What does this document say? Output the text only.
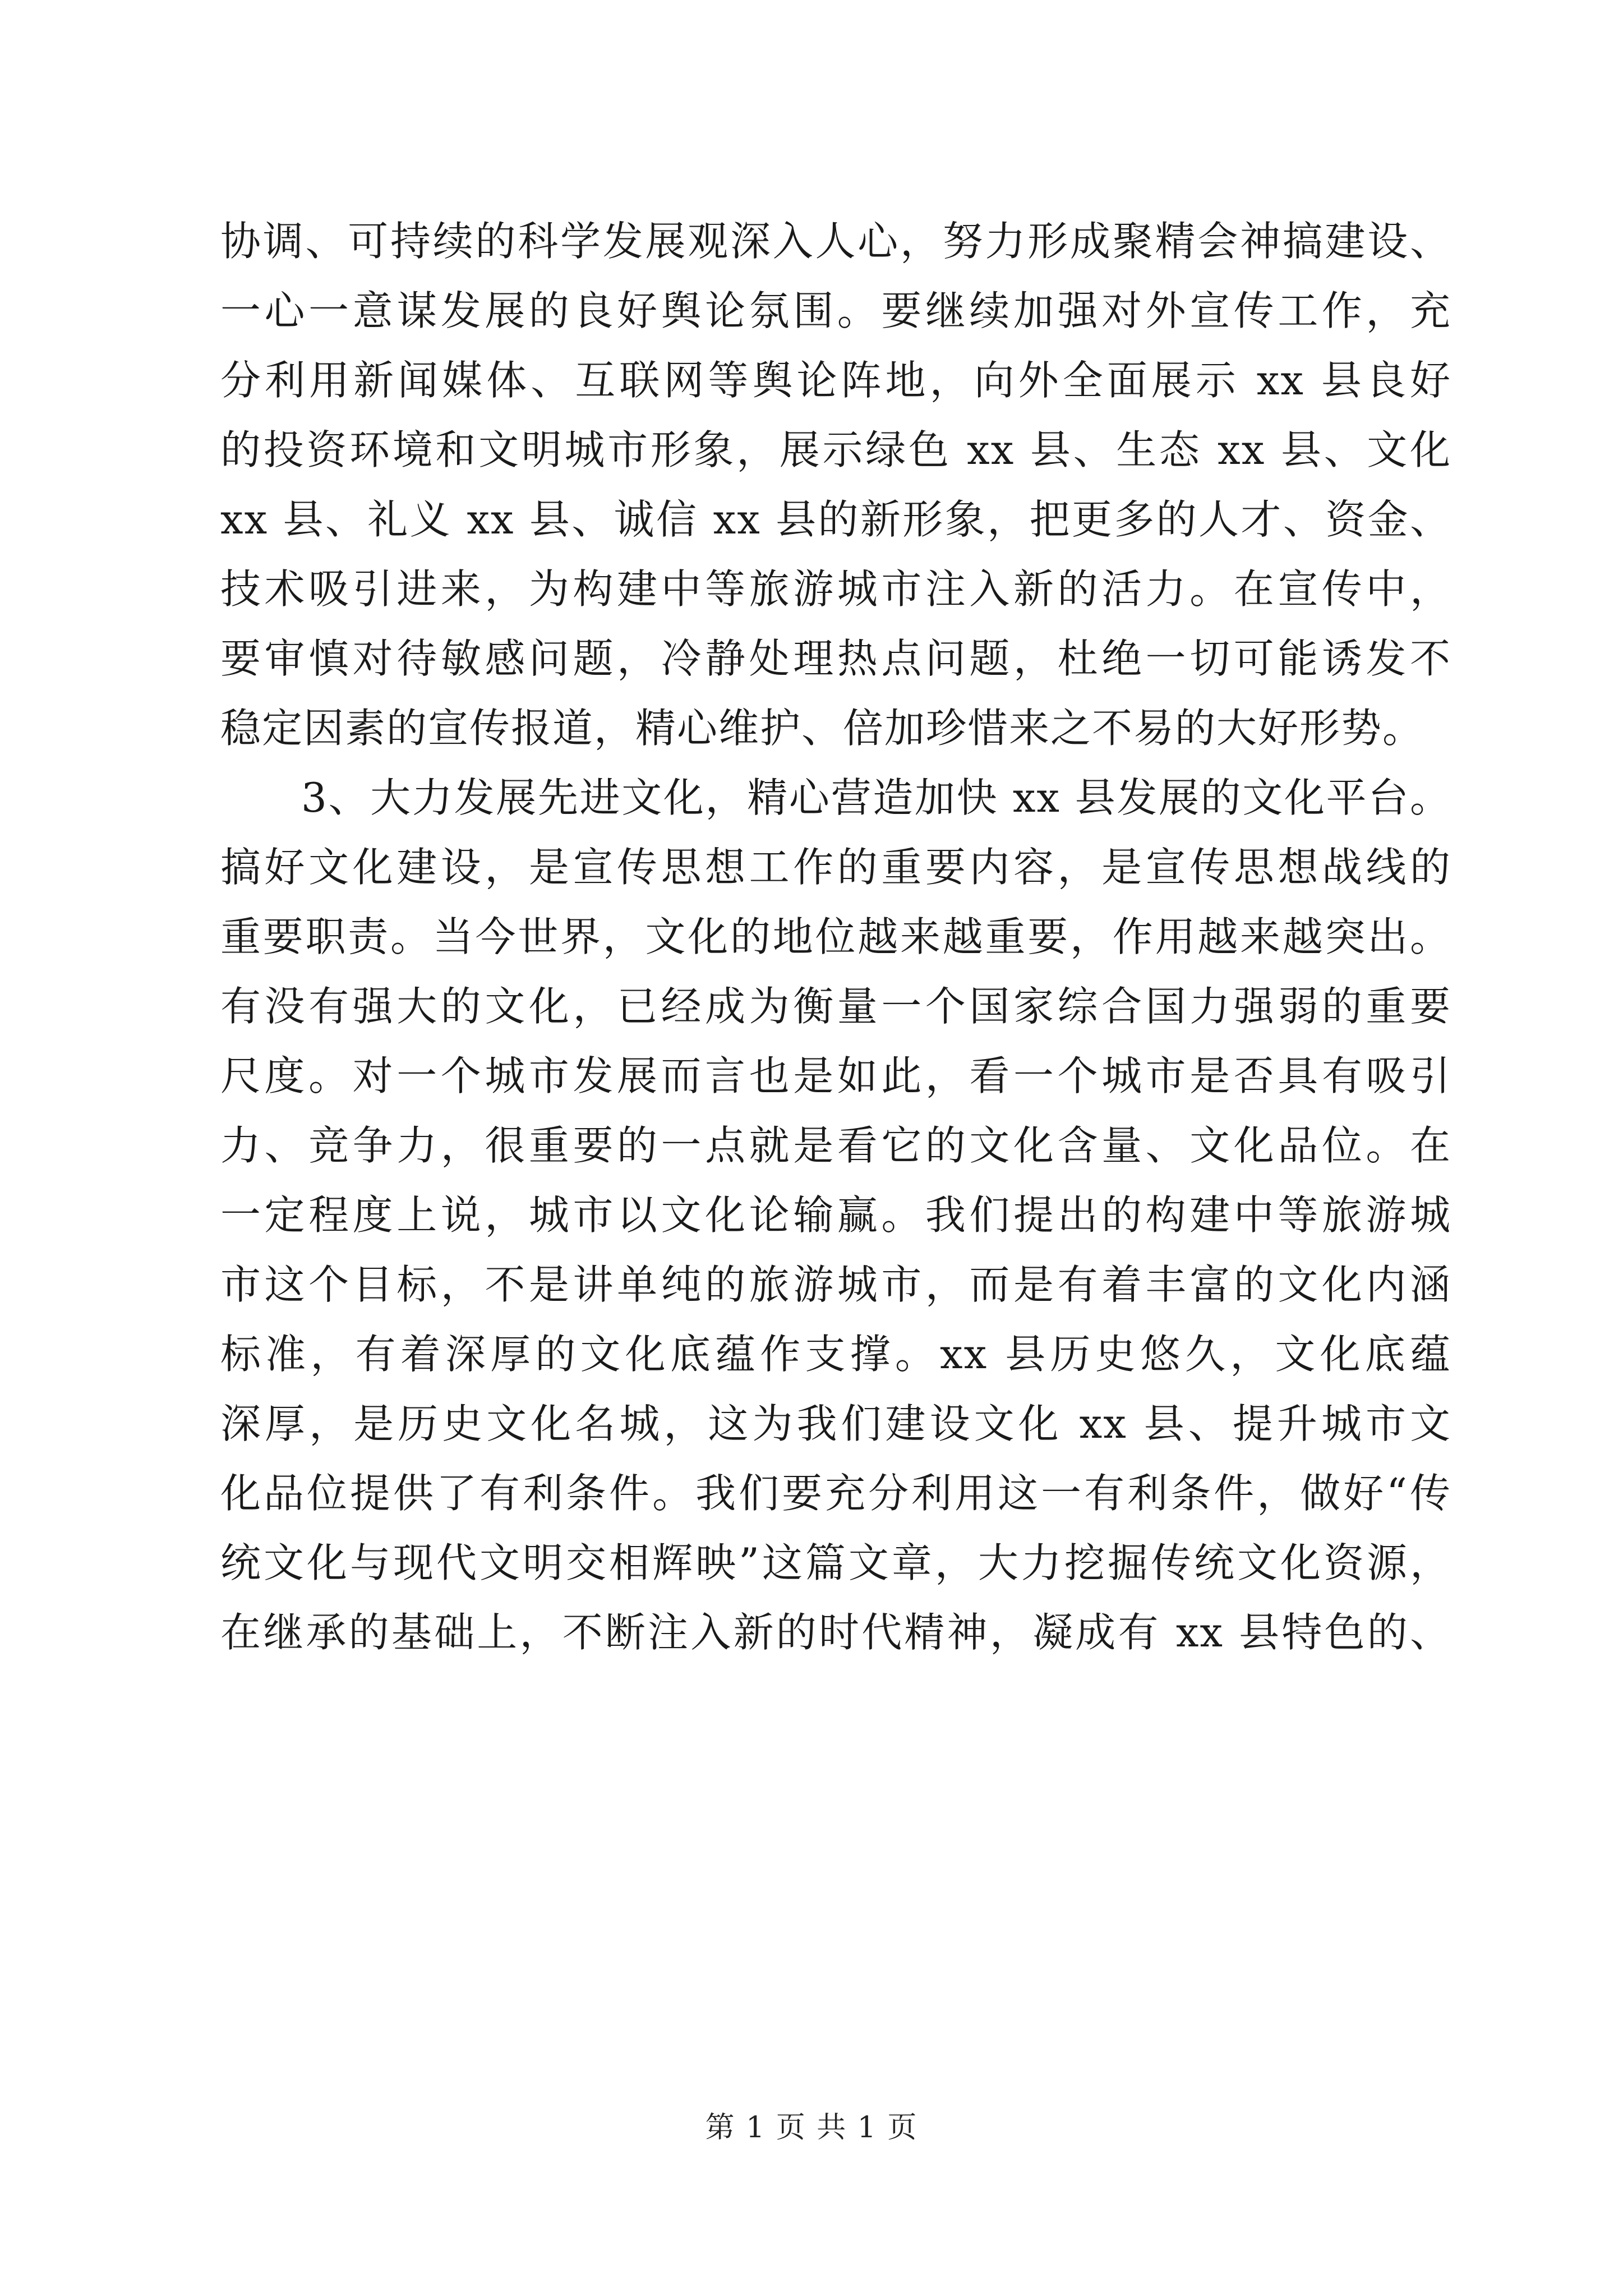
协调、可持续的科学发展观深入人心，努力形成聚精会神搞建设、
一心一意谋发展的良好舆论氛围。要继续加强对外宣传工作，充
分利用新闻媒体、互联网等舆论阵地，向外全面展示 xx 县良好
的投资环境和文明城市形象，展示绿色 xx 县、生态 xx 县、文化
xx 县、礼义 xx 县、诚信 xx 县的新形象，把更多的人才、资金、
技术吸引进来，为构建中等旅游城市注入新的活力。在宣传中，
要审慎对待敏感问题，冷静处理热点问题，杜绝一切可能诱发不
稳定因素的宣传报道，精心维护、倍加珍惜来之不易的大好形势。
3、大力发展先进文化，精心营造加快 xx 县发展的文化平台。
搞好文化建设，是宣传思想工作的重要内容，是宣传思想战线的
重要职责。当今世界，文化的地位越来越重要，作用越来越突出。
有没有强大的文化，已经成为衡量一个国家综合国力强弱的重要
尺度。对一个城市发展而言也是如此，看一个城市是否具有吸引
力、竞争力，很重要的一点就是看它的文化含量、文化品位。在
一定程度上说，城市以文化论输赢。我们提出的构建中等旅游城
市这个目标，不是讲单纯的旅游城市，而是有着丰富的文化内涵
标准，有着深厚的文化底蕴作支撑。xx 县历史悠久，文化底蕴
深厚，是历史文化名城，这为我们建设文化 xx 县、提升城市文
化品位提供了有利条件。我们要充分利用这一有利条件，做好“传
统文化与现代文明交相辉映”这篇文章，大力挖掘传统文化资源，
在继承的基础上，不断注入新的时代精神，凝成有 xx 县特色的、
第 1 页 共 1 页
